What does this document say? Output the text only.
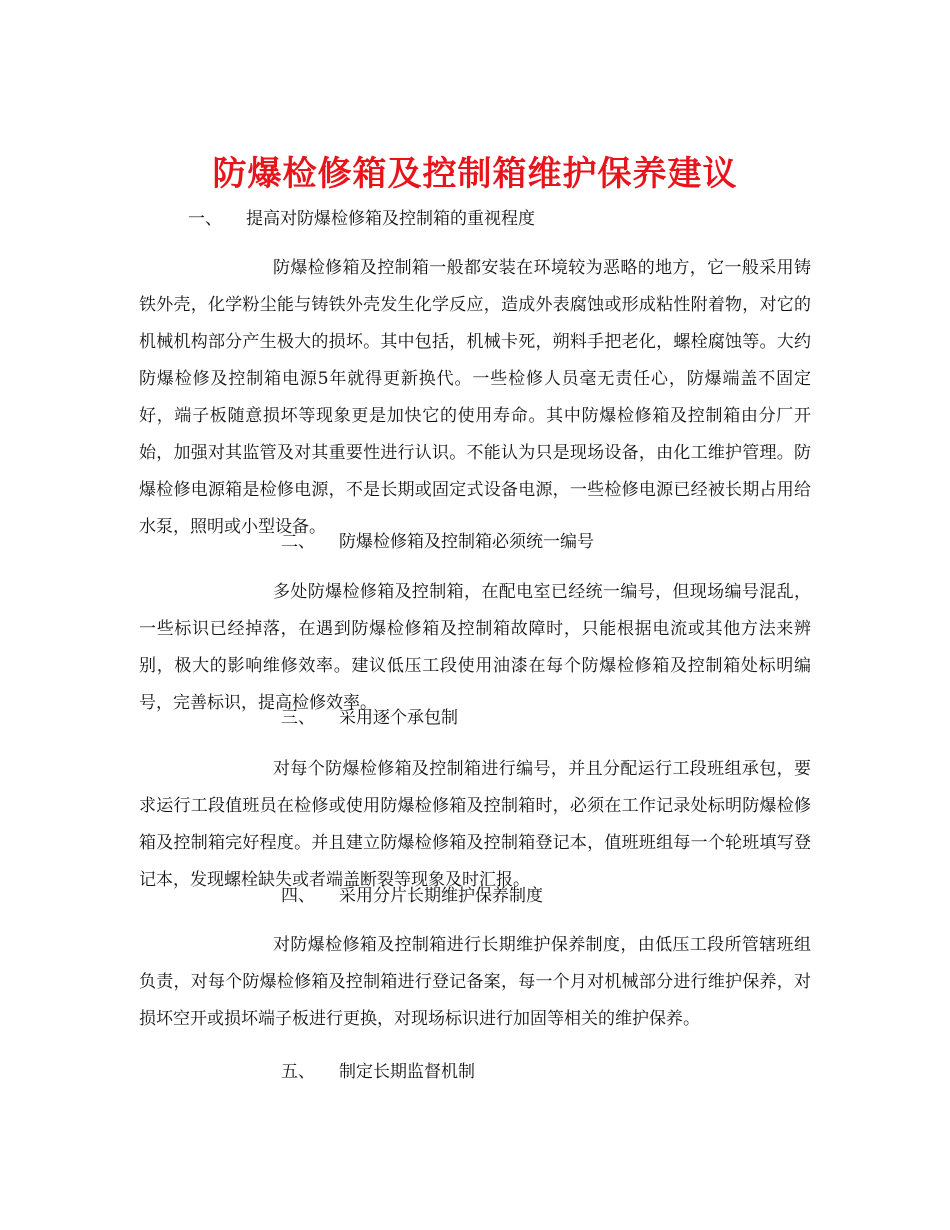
防爆检修箱及控制箱维护保养建议
一、 提高对防爆检修箱及控制箱的重视程度

防爆检修箱及控制箱一般都安装在环境较为恶略的地方，它一般采用铸铁外壳，化学粉尘能与铸铁外壳发生化学反应，造成外表腐蚀或形成粘性附着物，对它的机械机构部分产生极大的损坏。其中包括，机械卡死，朔料手把老化，螺栓腐蚀等。大约防爆检修及控制箱电源5年就得更新换代。一些检修人员毫无责任心，防爆端盖不固定好，端子板随意损坏等现象更是加快它的使用寿命。其中防爆检修箱及控制箱由分厂开始，加强对其监管及对其重要性进行认识。不能认为只是现场设备，由化工维护管理。防爆检修电源箱是检修电源，不是长期或固定式设备电源，一些检修电源已经被长期占用给水泵，照明或小型设备。

二、 防爆检修箱及控制箱必须统一编号

多处防爆检修箱及控制箱，在配电室已经统一编号，但现场编号混乱，一些标识已经掉落，在遇到防爆检修箱及控制箱故障时，只能根据电流或其他方法来辨别，极大的影响维修效率。建议低压工段使用油漆在每个防爆检修箱及控制箱处标明编号，完善标识，提高检修效率。

三、 采用逐个承包制

对每个防爆检修箱及控制箱进行编号，并且分配运行工段班组承包，要求运行工段值班员在检修或使用防爆检修箱及控制箱时，必须在工作记录处标明防爆检修箱及控制箱完好程度。并且建立防爆检修箱及控制箱登记本，值班班组每一个轮班填写登记本，发现螺栓缺失或者端盖断裂等现象及时汇报。

四、 采用分片长期维护保养制度

对防爆检修箱及控制箱进行长期维护保养制度，由低压工段所管辖班组负责，对每个防爆检修箱及控制箱进行登记备案，每一个月对机械部分进行维护保养，对损坏空开或损坏端子板进行更换，对现场标识进行加固等相关的维护保养。

五、 制定长期监督机制
